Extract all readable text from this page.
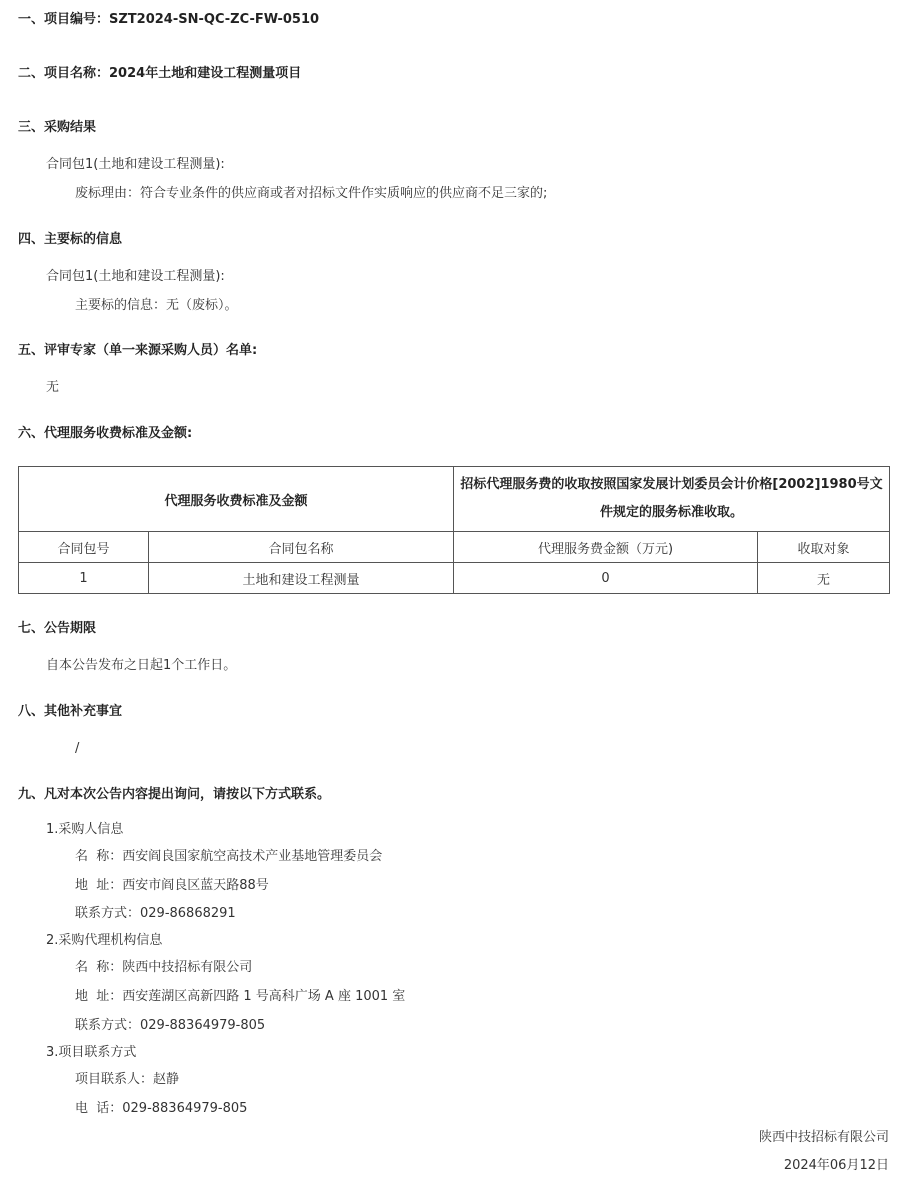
一、项目编号：SZT2024-SN-QC-ZC-FW-0510
二、项目名称：2024年土地和建设工程测量项目
三、采购结果
合同包1(土地和建设工程测量):
废标理由：符合专业条件的供应商或者对招标文件作实质响应的供应商不足三家的;
四、主要标的信息
合同包1(土地和建设工程测量):
主要标的信息：无（废标）。
五、评审专家（单一来源采购人员）名单:
无
六、代理服务收费标准及金额:
代理服务收费标准及金额		招标代理服务费的收取按照国家发展计划委员会计价格[2002]1980号文件规定的服务标准收取。	
合同包号	合同包名称	代理服务费金额（万元)	收取对象
1	土地和建设工程测量	0	无
七、公告期限
自本公告发布之日起1个工作日。
八、其他补充事宜
/
九、凡对本次公告内容提出询问，请按以下方式联系。
1.采购人信息
名  称：西安阎良国家航空高技术产业基地管理委员会
地  址：西安市阎良区蓝天路88号
联系方式：029-86868291
2.采购代理机构信息
名  称：陕西中技招标有限公司
地  址：西安莲湖区高新四路 1 号高科广场 A 座 1001 室
联系方式：029-88364979-805
3.项目联系方式
项目联系人：赵静
电  话：029-88364979-805
陕西中技招标有限公司
2024年06月12日
